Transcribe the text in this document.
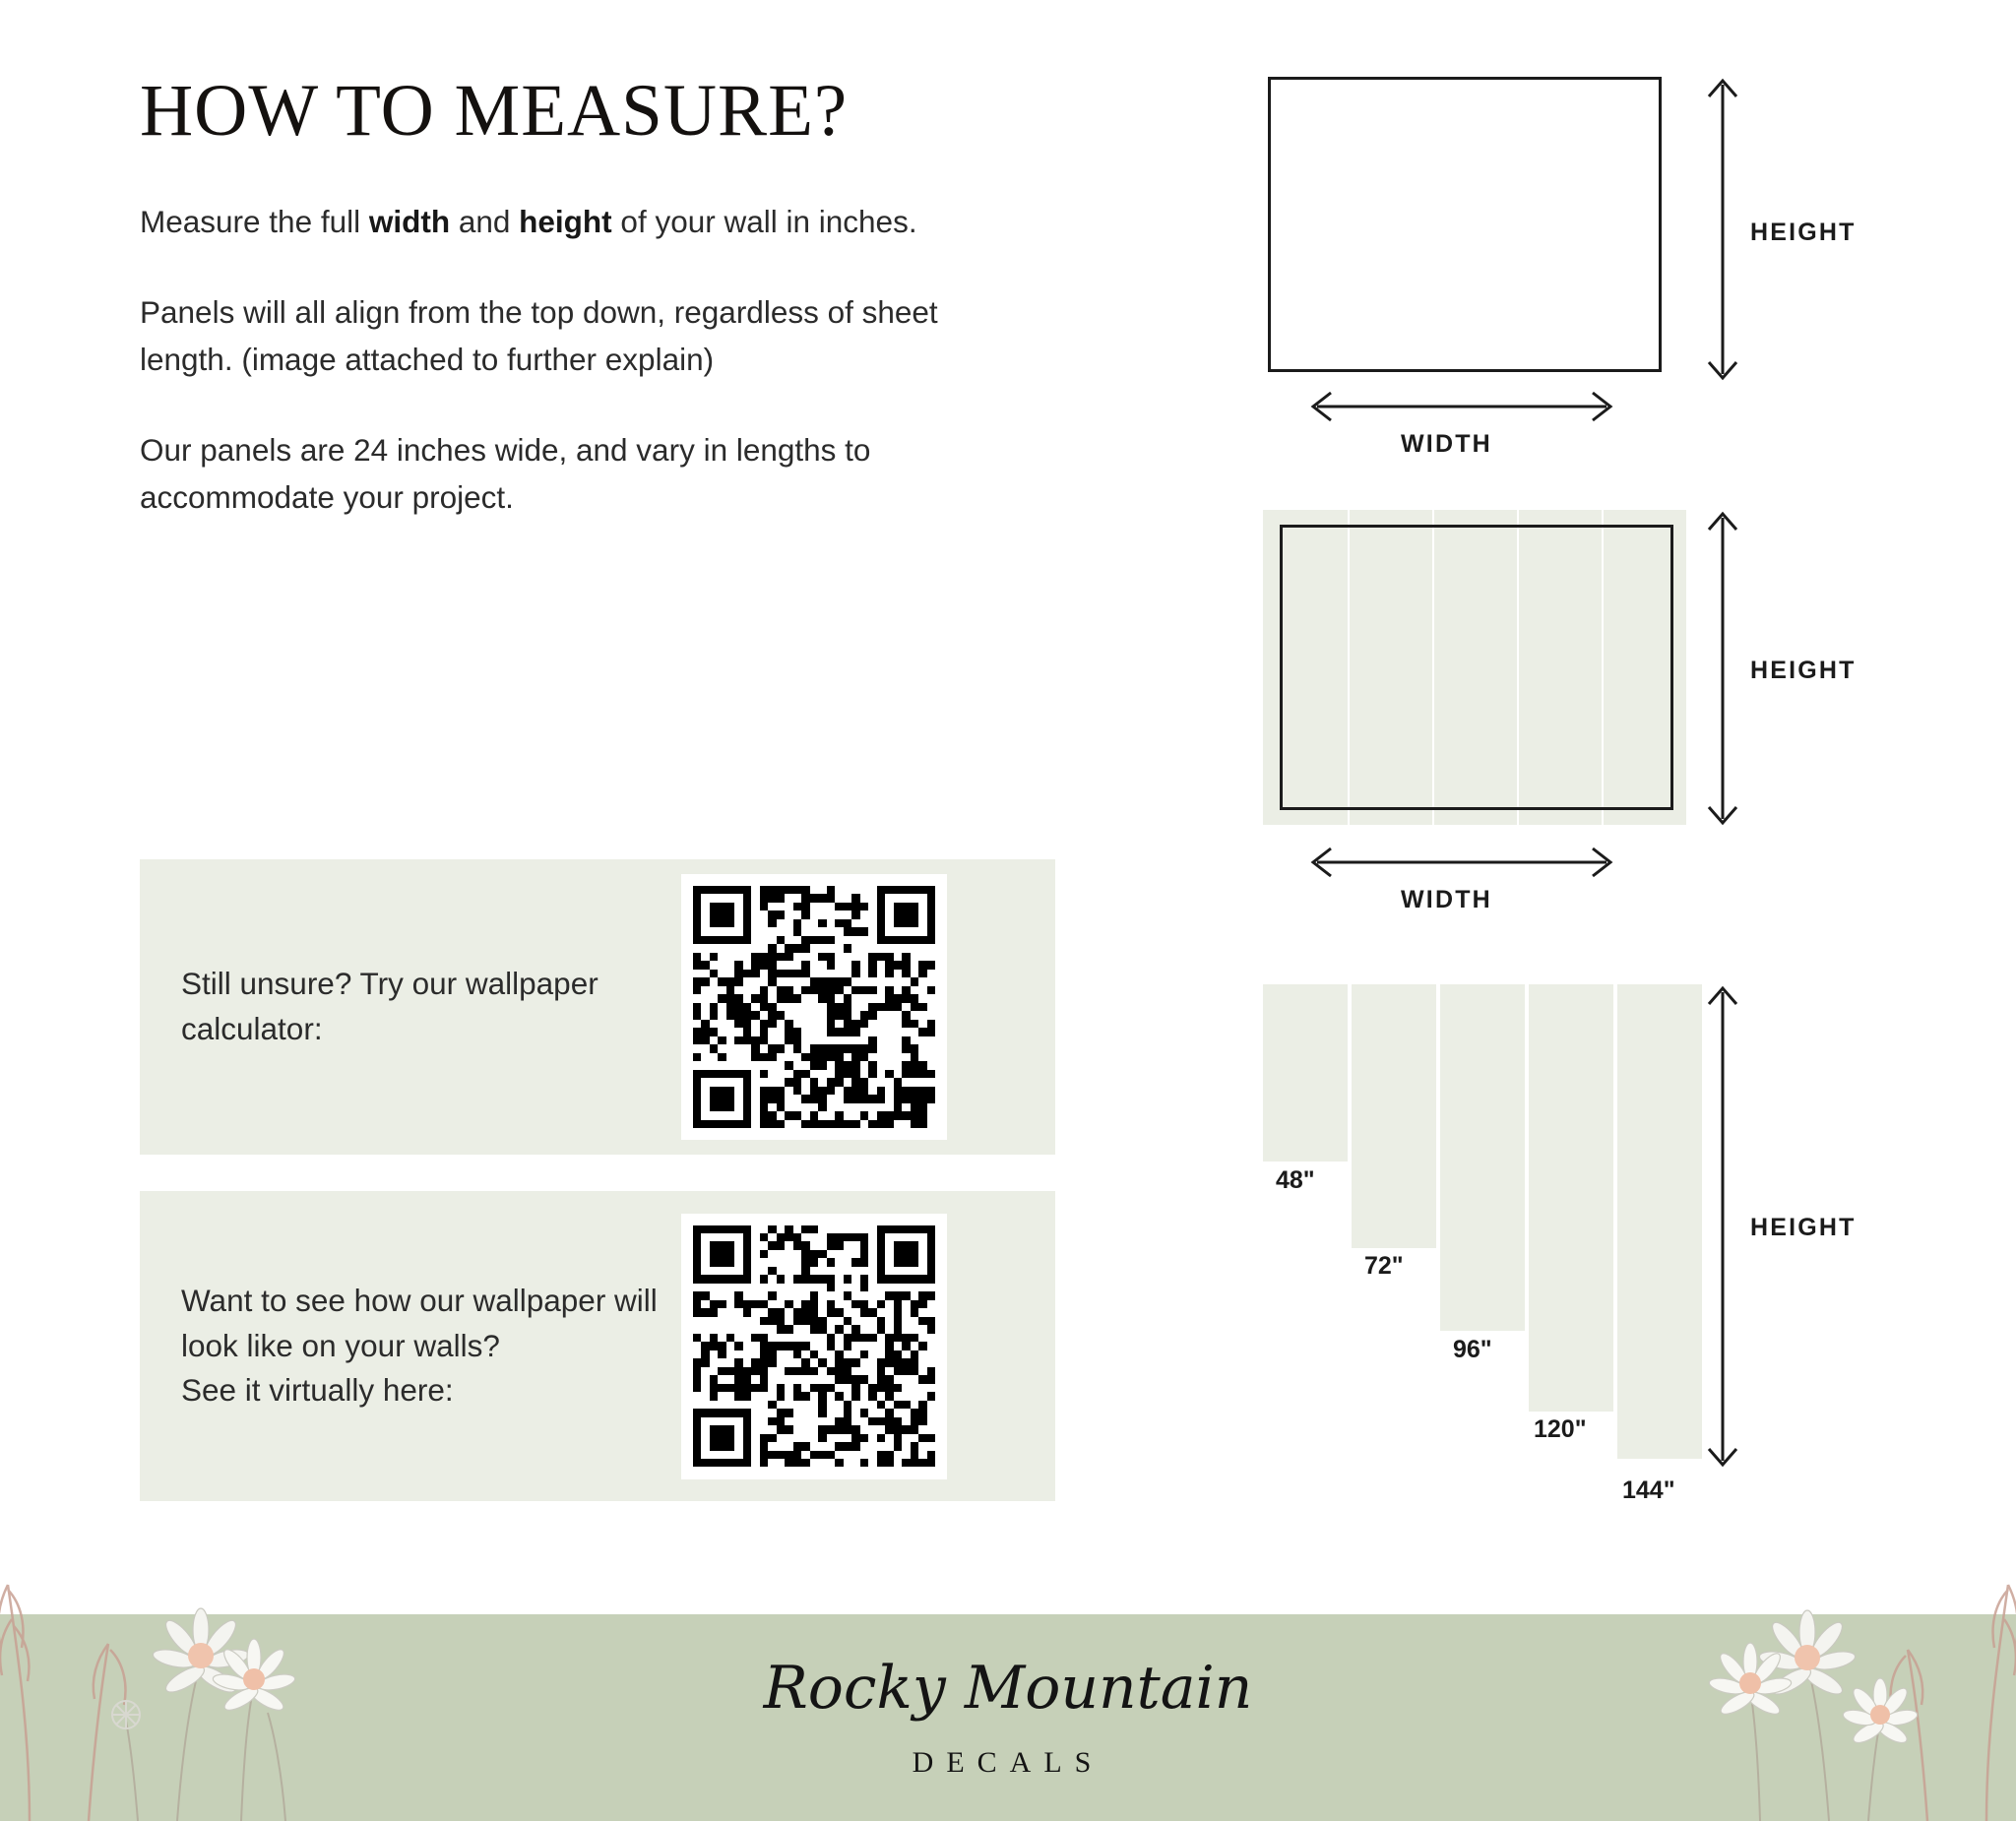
HOW TO MEASURE?

Measure the full width and height of your wall in inches.

Panels will all align from the top down, regardless of sheet length. (image attached to further explain)

Our panels are 24 inches wide, and vary in lengths to accommodate your project.

Still unsure? Try our wallpaper calculator:
Want to see how our wallpaper will look like on your walls?
See it virtually here:
HEIGHT
WIDTH
HEIGHT
WIDTH
48"
72"
96"
120"
144"
HEIGHT
Rocky Mountain
DECALS
